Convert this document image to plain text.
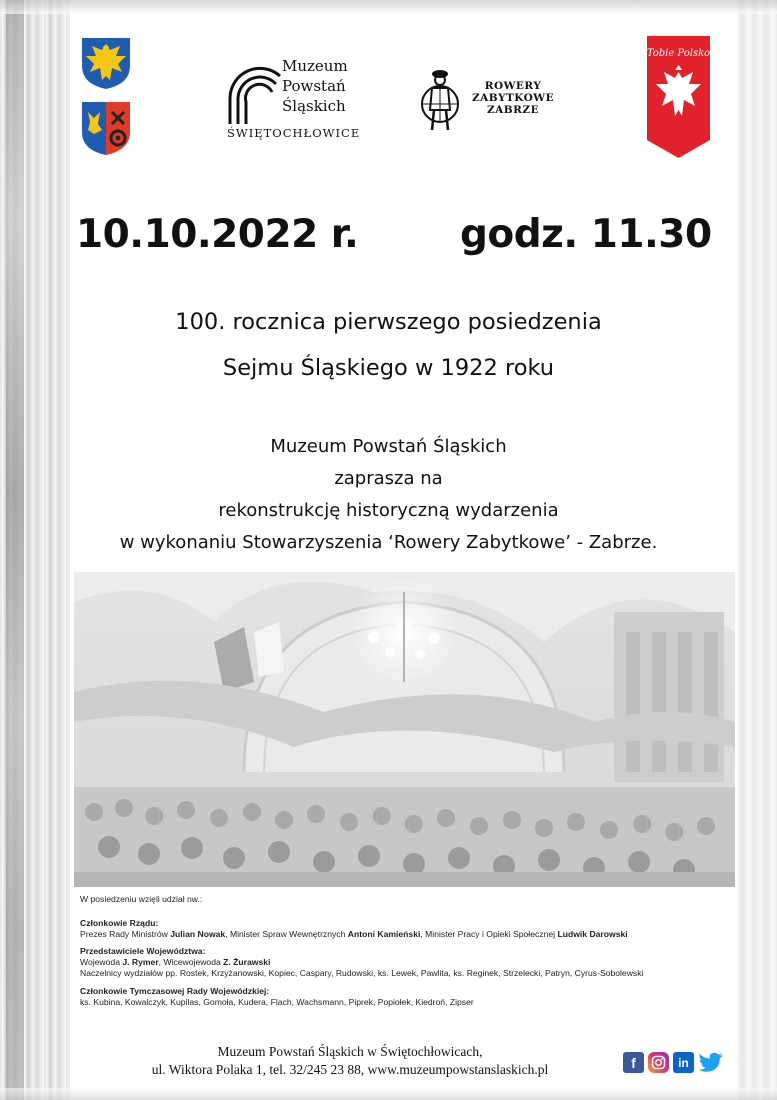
Muzeum
Powstań
Śląskich
ŚWIĘTOCHŁOWICE
ROWERY
ZABYTKOWE
ZABRZE
Tobie Polsko
10.10.2022 r.	godz. 11.30
100. rocznica pierwszego posiedzenia
Sejmu Śląskiego w 1922 roku
Muzeum Powstań Śląskich
zaprasza na
rekonstrukcję historyczną wydarzenia
w wykonaniu Stowarzyszenia ‘Rowery Zabytkowe’ - Zabrze.
W posiedzeniu wzięli udział nw.:
Członkowie Rządu:
Prezes Rady Ministrów Julian Nowak, Minister Spraw Wewnętrznych Antoni Kamieński, Minister Pracy i Opieki Społecznej Ludwik Darowski
Przedstawiciele Województwa:
Wojewoda J. Rymer, Wicewojewoda Z. Żurawski
Naczelnicy wydziałów pp. Rostek, Krzyżanowski, Kopiec, Caspary, Rudowski, ks. Lewek, Pawlita, ks. Reginek, Strzelecki, Patryn, Cyrus-Sobolewski
Członkowie Tymczasowej Rady Wojewódzkiej:
ks. Kubina, Kowalczyk, Kupilas, Gomoła, Kudera, Flach, Wachsmann, Piprek, Popiołek, Kiedroń, Zipser
Muzeum Powstań Śląskich w Świętochłowicach,
ul. Wiktora Polaka 1, tel. 32/245 23 88, www.muzeumpowstanslaskich.pl	f	in
